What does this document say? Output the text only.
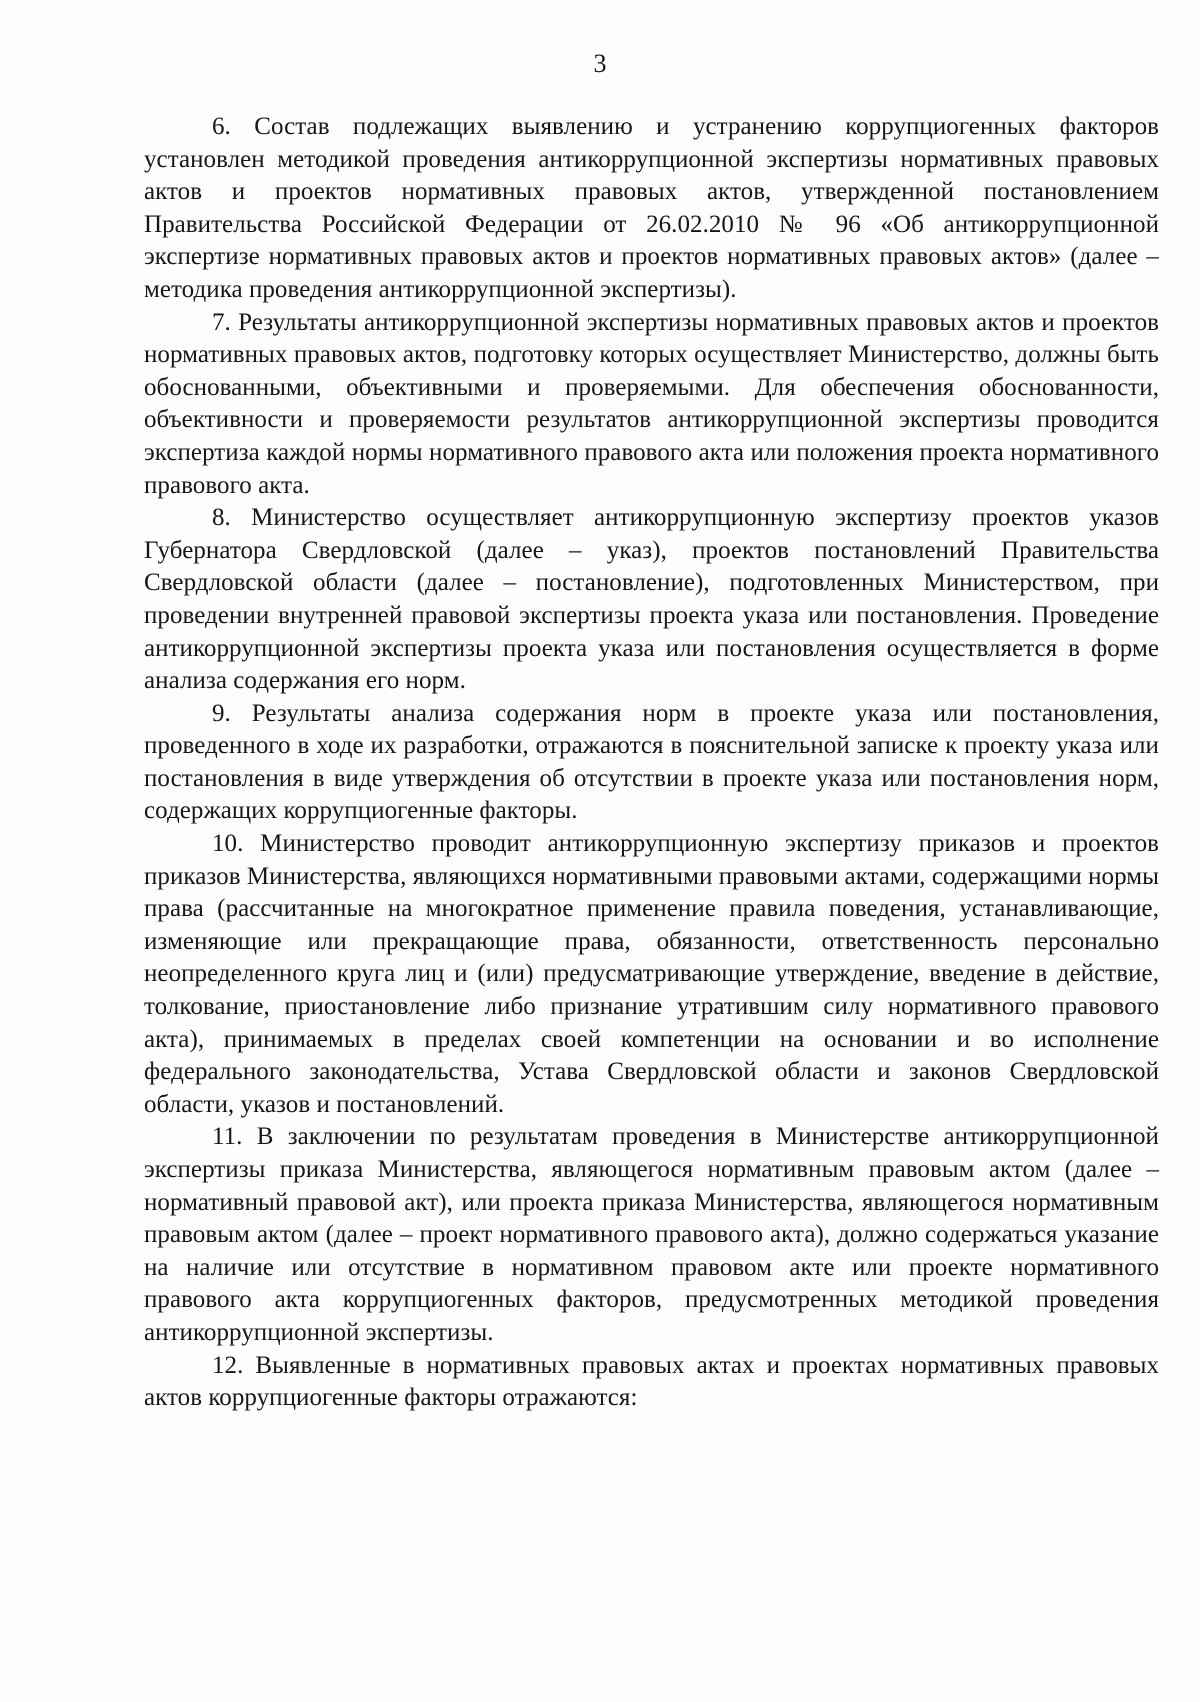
3

6. Состав подлежащих выявлению и устранению коррупциогенных факторов установлен методикой проведения антикоррупционной экспертизы нормативных правовых актов и проектов нормативных правовых актов, утвержденной постановлением Правительства Российской Федерации от 26.02.2010 № 96 «Об антикоррупционной экспертизе нормативных правовых актов и проектов нормативных правовых актов» (далее – методика проведения антикоррупционной экспертизы).

7. Результаты антикоррупционной экспертизы нормативных правовых актов и проектов нормативных правовых актов, подготовку которых осуществляет Министерство, должны быть обоснованными, объективными и проверяемыми. Для обеспечения обоснованности, объективности и проверяемости результатов антикоррупционной экспертизы проводится экспертиза каждой нормы нормативного правового акта или положения проекта нормативного правового акта.

8. Министерство осуществляет антикоррупционную экспертизу проектов указов Губернатора Свердловской (далее – указ), проектов постановлений Правительства Свердловской области (далее – постановление), подготовленных Министерством, при проведении внутренней правовой экспертизы проекта указа или постановления. Проведение антикоррупционной экспертизы проекта указа или постановления осуществляется в форме анализа содержания его норм.

9. Результаты анализа содержания норм в проекте указа или постановления, проведенного в ходе их разработки, отражаются в пояснительной записке к проекту указа или постановления в виде утверждения об отсутствии в проекте указа или постановления норм, содержащих коррупциогенные факторы.

10. Министерство проводит антикоррупционную экспертизу приказов и проектов приказов Министерства, являющихся нормативными правовыми актами, содержащими нормы права (рассчитанные на многократное применение правила поведения, устанавливающие, изменяющие или прекращающие права, обязанности, ответственность персонально неопределенного круга лиц и (или) предусматривающие утверждение, введение в действие, толкование, приостановление либо признание утратившим силу нормативного правового акта), принимаемых в пределах своей компетенции на основании и во исполнение федерального законодательства, Устава Свердловской области и законов Свердловской области, указов и постановлений.

11. В заключении по результатам проведения в Министерстве антикоррупционной экспертизы приказа Министерства, являющегося нормативным правовым актом (далее – нормативный правовой акт), или проекта приказа Министерства, являющегося нормативным правовым актом (далее – проект нормативного правового акта), должно содержаться указание на наличие или отсутствие в нормативном правовом акте или проекте нормативного правового акта коррупциогенных факторов, предусмотренных методикой проведения антикоррупционной экспертизы.

12. Выявленные в нормативных правовых актах и проектах нормативных правовых актов коррупциогенные факторы отражаются:
